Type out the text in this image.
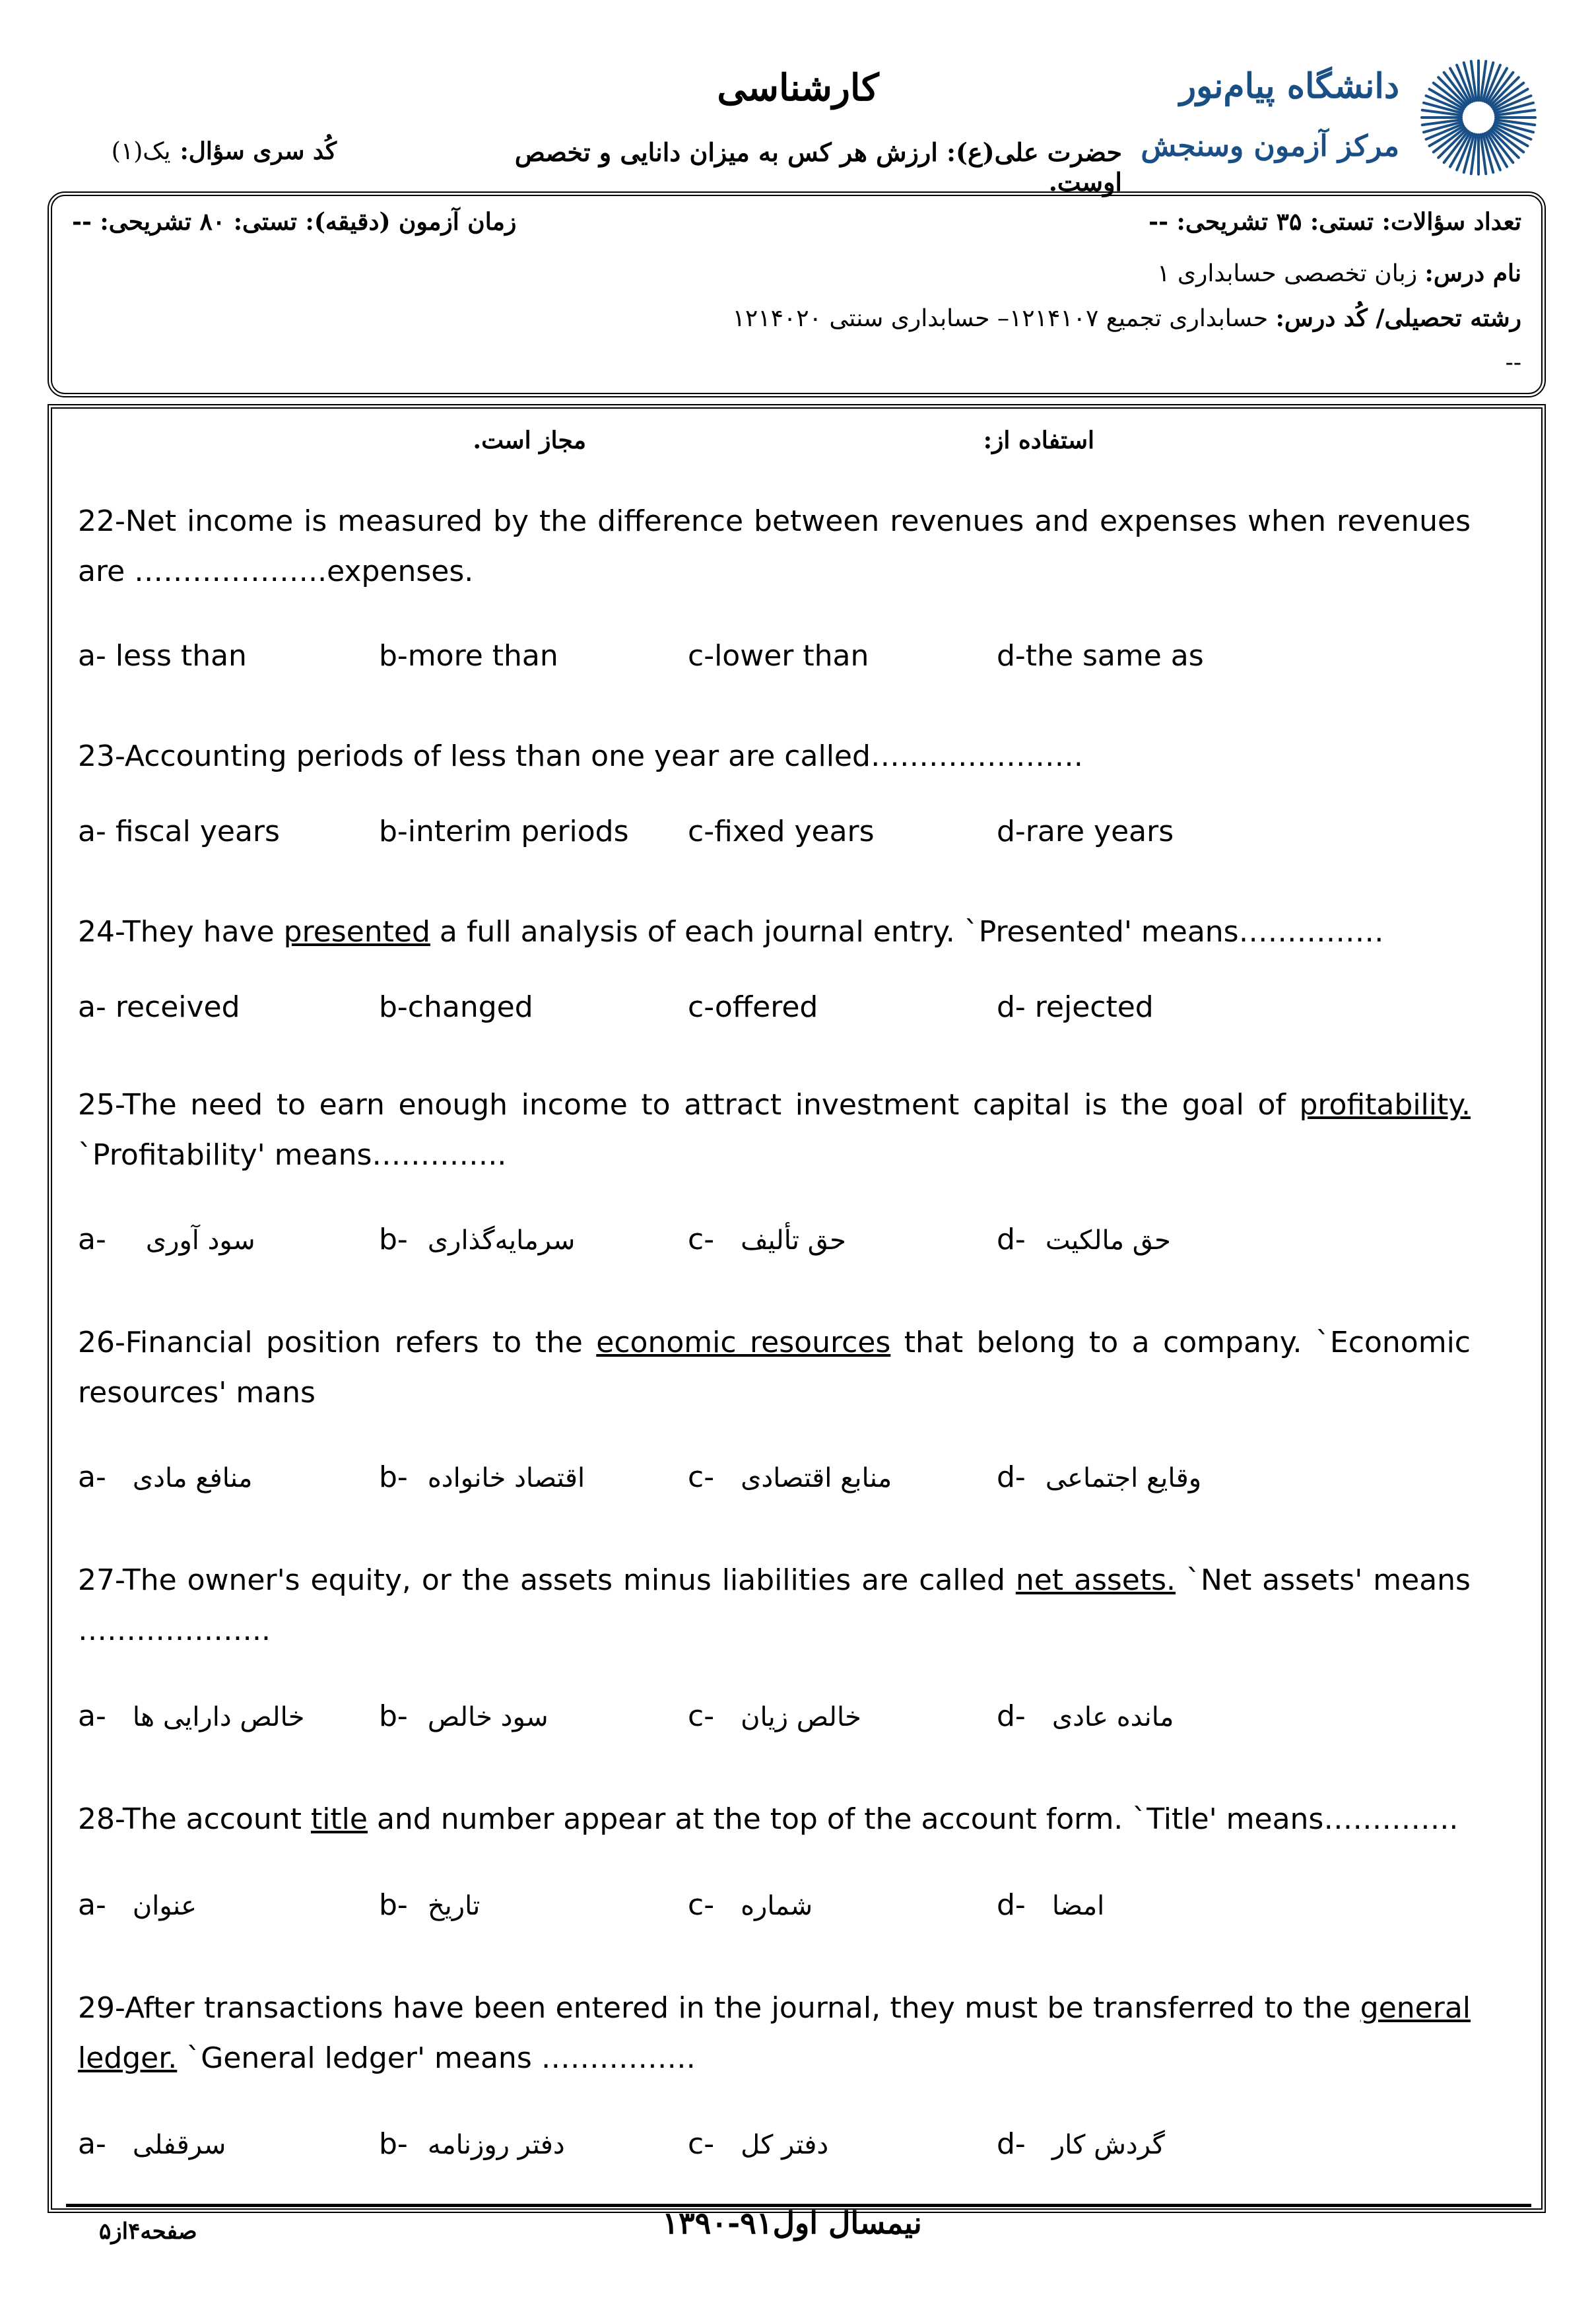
کارشناسی
حضرت علی(ع): ارزش هر کس به میزان دانایی و تخصص اوست.
کُد سری سؤال:یک(۱)
دانشگاه پیام‌نور
مرکز آزمون وسنجش
تعداد سؤالات: تستی: ۳۵ تشریحی: --
زمان آزمون (دقیقه): تستی: ۸۰ تشریحی: --
نام درس: زبان تخصصی حسابداری ۱
رشته تحصیلی/ کُد درس: حسابداری تجمیع ۱۲۱۴۱۰۷– حسابداری سنتی ۱۲۱۴۰۲۰
--
استفاده از:
مجاز است.
22-Net income is measured by the difference between revenues and expenses when revenues are ………………..expenses.
23-Accounting periods of less than one year are called………………….
24-They have presented a full analysis of each journal entry. `Presented' means……………
25-The need to earn enough income to attract investment capital is the goal of profitability. `Profitability' means…………..
26-Financial position refers to the economic resources that belong to a company. `Economic resources' mans
27-The owner's equity, or the assets minus liabilities are called net assets. `Net assets' means ………………..
28-The account title and number appear at the top of the account form. `Title' means…………..
29-After transactions have been entered in the journal, they must be transferred to the general ledger. `General ledger' means …………….
a- less than	b-more than	c-lower than	d-the same as
a- fiscal years	b-interim periods c-fixed years	d-rare years
a- received	b-changed	c-offered	d- rejected
a- سود آوری	b- سرمایه‌گذاری	c- حق تألیف	d- حق مالکیت
a- منافع مادی	b- اقتصاد خانواده	c- منابع اقتصادی	d- وقایع اجتماعی
a- خالص دارایی ها	b- سود خالص	c- خالص زیان	d- مانده عادی
a- عنوان	b- تاریخ	c- شماره	d- امضا
a- سرقفلی	b- دفتر روزنامه	c- دفتر کل	d- گردش کار
صفحه۴از۵	نیمسال اول۹۱-۱۳۹۰
